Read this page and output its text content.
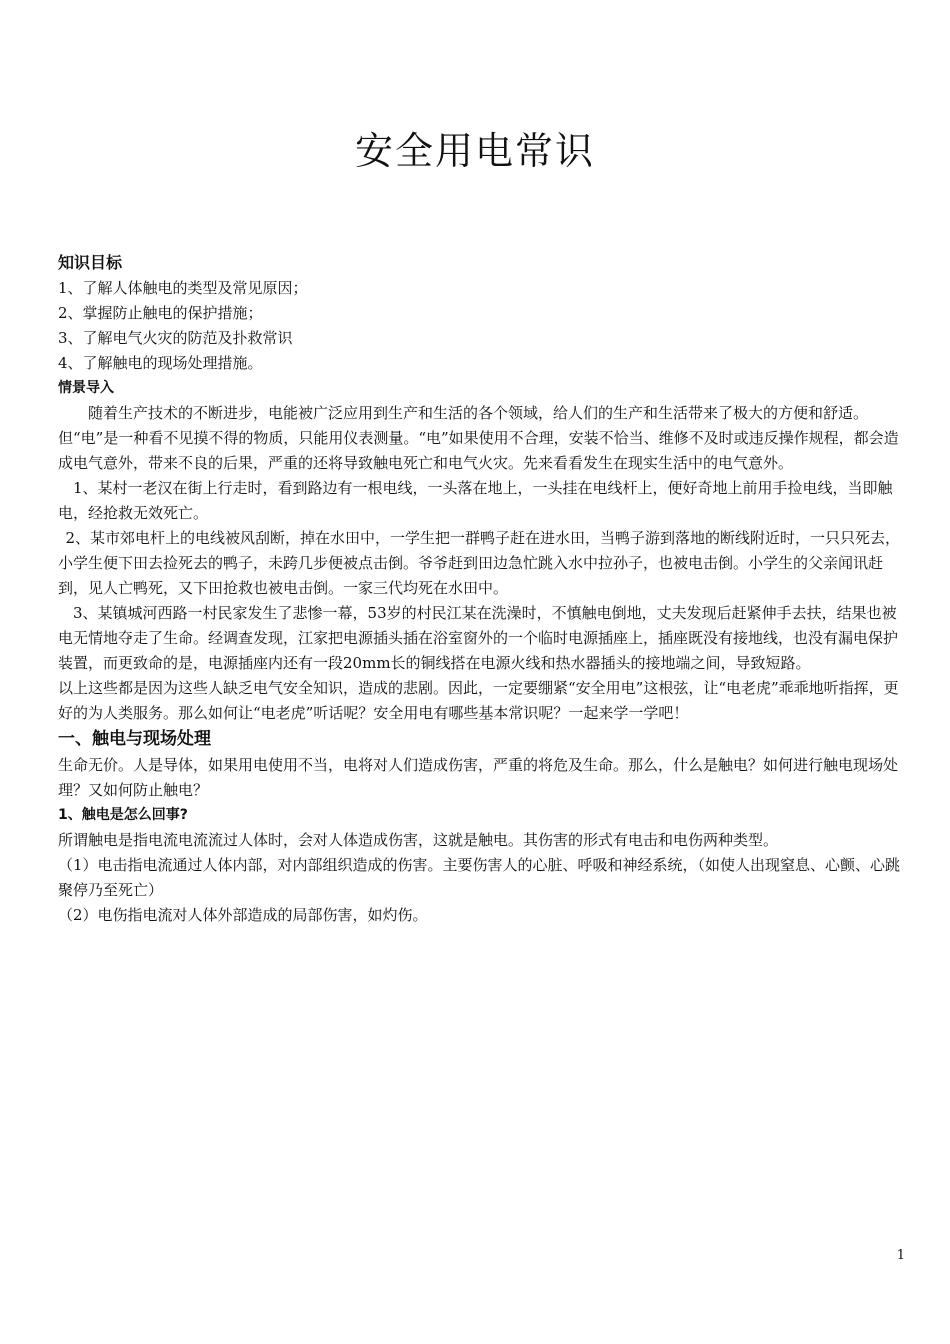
安全用电常识

知识目标

1、了解人体触电的类型及常见原因；

2、掌握防止触电的保护措施；

3、了解电气火灾的防范及扑救常识

4、了解触电的现场处理措施。

情景导入

随着生产技术的不断进步，电能被广泛应用到生产和生活的各个领域，给人们的生产和生活带来了极大的方便和舒适。但“电”是一种看不见摸不得的物质，只能用仪表测量。“电”如果使用不合理，安装不恰当、维修不及时或违反操作规程，都会造成电气意外，带来不良的后果，严重的还将导致触电死亡和电气火灾。先来看看发生在现实生活中的电气意外。

1、某村一老汉在街上行走时，看到路边有一根电线，一头落在地上，一头挂在电线杆上，便好奇地上前用手捡电线，当即触电，经抢救无效死亡。

2、某市郊电杆上的电线被风刮断，掉在水田中，一学生把一群鸭子赶在进水田，当鸭子游到落地的断线附近时，一只只死去，小学生便下田去捡死去的鸭子，未跨几步便被点击倒。爷爷赶到田边急忙跳入水中拉孙子，也被电击倒。小学生的父亲闻讯赶到，见人亡鸭死，又下田抢救也被电击倒。一家三代均死在水田中。

3、某镇城河西路一村民家发生了悲惨一幕，53岁的村民江某在洗澡时，不慎触电倒地，丈夫发现后赶紧伸手去扶，结果也被电无情地夺走了生命。经调查发现，江家把电源插头插在浴室窗外的一个临时电源插座上，插座既没有接地线，也没有漏电保护装置，而更致命的是，电源插座内还有一段20mm长的铜线搭在电源火线和热水器插头的接地端之间，导致短路。

以上这些都是因为这些人缺乏电气安全知识，造成的悲剧。因此，一定要绷紧“安全用电”这根弦，让“电老虎”乖乖地听指挥，更好的为人类服务。那么如何让“电老虎”听话呢？安全用电有哪些基本常识呢？一起来学一学吧！

一、触电与现场处理

生命无价。人是导体，如果用电使用不当，电将对人们造成伤害，严重的将危及生命。那么，什么是触电？如何进行触电现场处理？又如何防止触电？

1、触电是怎么回事?

所谓触电是指电流电流流过人体时，会对人体造成伤害，这就是触电。其伤害的形式有电击和电伤两种类型。

（1）电击指电流通过人体内部，对内部组织造成的伤害。主要伤害人的心脏、呼吸和神经系统，（如使人出现窒息、心颤、心跳聚停乃至死亡）

（2）电伤指电流对人体外部造成的局部伤害，如灼伤。

1
